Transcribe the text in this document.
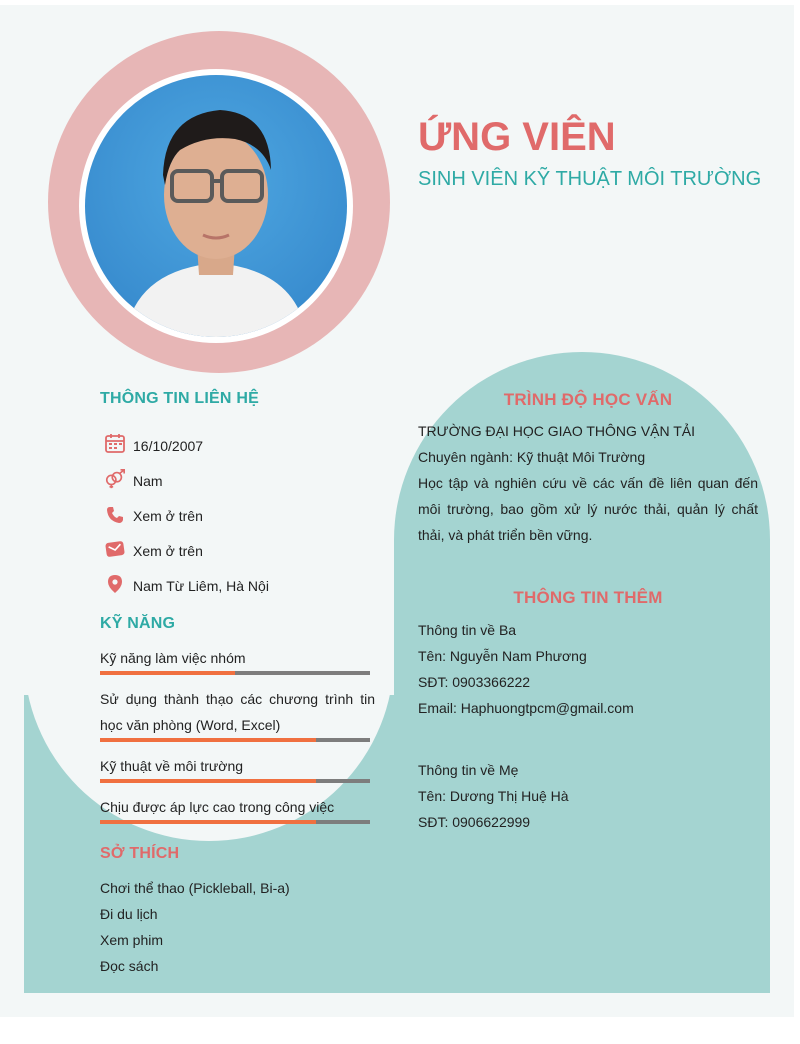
ỨNG VIÊN
SINH VIÊN KỸ THUẬT MÔI TRƯỜNG
THÔNG TIN LIÊN HỆ
16/10/2007
Nam
Xem ở trên
Xem ở trên
Nam Từ Liêm, Hà Nội
KỸ NĂNG
Kỹ năng làm việc nhóm
Sử dụng thành thạo các chương trình tin học văn phòng (Word, Excel)
Kỹ thuật về môi trường
Chịu được áp lực cao trong công việc
SỞ THÍCH
Chơi thể thao (Pickleball, Bi-a)
Đi du lịch
Xem phim
Đọc sách
TRÌNH ĐỘ HỌC VẤN
TRƯỜNG ĐẠI HỌC GIAO THÔNG VẬN TẢI
Chuyên ngành: Kỹ thuật Môi Trường
Học tập và nghiên cứu về các vấn đề liên quan đến môi trường, bao gồm xử lý nước thải, quản lý chất thải, và phát triển bền vững.
THÔNG TIN THÊM
Thông tin về Ba
Tên: Nguyễn Nam Phương
SĐT: 0903366222
Email: Haphuongtpcm@gmail.com
Thông tin về Mẹ
Tên: Dương Thị Huệ Hà
SĐT: 0906622999
